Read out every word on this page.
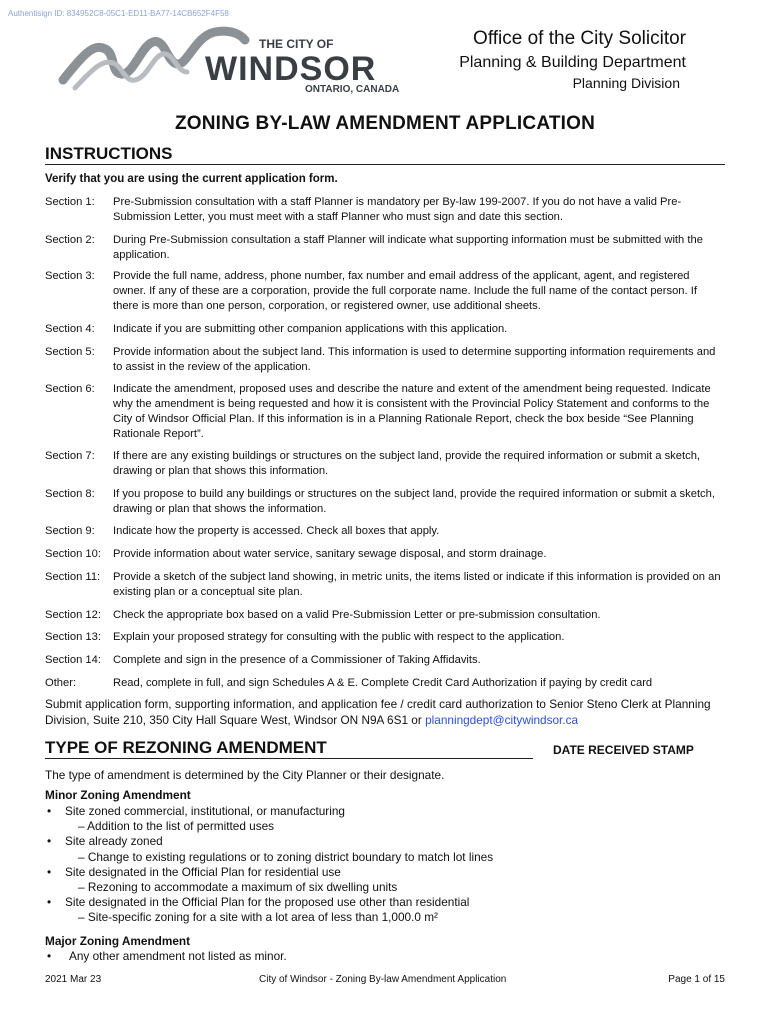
Authentisign ID: 834952C8-05C1-ED11-BA77-14CB652F4F58
THE CITY OF
WINDSOR
ONTARIO, CANADA
Office of the City Solicitor
Planning & Building Department
Planning Division
ZONING BY-LAW AMENDMENT APPLICATION
INSTRUCTIONS
Verify that you are using the current application form.
Section 1:	Pre-Submission consultation with a staff Planner is mandatory per By-law 199-2007. If you do not have a valid Pre-Submission Letter, you must meet with a staff Planner who must sign and date this section.
Section 2:	During Pre-Submission consultation a staff Planner will indicate what supporting information must be submitted with the application.
Section 3:	Provide the full name, address, phone number, fax number and email address of the applicant, agent, and registered owner. If any of these are a corporation, provide the full corporate name. Include the full name of the contact person. If there is more than one person, corporation, or registered owner, use additional sheets.
Section 4:	Indicate if you are submitting other companion applications with this application.
Section 5:	Provide information about the subject land. This information is used to determine supporting information requirements and to assist in the review of the application.
Section 6:	Indicate the amendment, proposed uses and describe the nature and extent of the amendment being requested. Indicate why the amendment is being requested and how it is consistent with the Provincial Policy Statement and conforms to the City of Windsor Official Plan. If this information is in a Planning Rationale Report, check the box beside “See Planning Rationale Report”.
Section 7:	If there are any existing buildings or structures on the subject land, provide the required information or submit a sketch, drawing or plan that shows this information.
Section 8:	If you propose to build any buildings or structures on the subject land, provide the required information or submit a sketch, drawing or plan that shows the information.
Section 9:	Indicate how the property is accessed. Check all boxes that apply.
Section 10:	Provide information about water service, sanitary sewage disposal, and storm drainage.
Section 11:	Provide a sketch of the subject land showing, in metric units, the items listed or indicate if this information is provided on an existing plan or a conceptual site plan.
Section 12:	Check the appropriate box based on a valid Pre-Submission Letter or pre-submission consultation.
Section 13:	Explain your proposed strategy for consulting with the public with respect to the application.
Section 14:	Complete and sign in the presence of a Commissioner of Taking Affidavits.
Other:	Read, complete in full, and sign Schedules A & E. Complete Credit Card Authorization if paying by credit card
Submit application form, supporting information, and application fee / credit card authorization to Senior Steno Clerk at Planning Division, Suite 210, 350 City Hall Square West, Windsor ON N9A 6S1 or planningdept@citywindsor.ca
TYPE OF REZONING AMENDMENT	DATE RECEIVED STAMP
The type of amendment is determined by the City Planner or their designate.
Minor Zoning Amendment
•	Site zoned commercial, institutional, or manufacturing
– Addition to the list of permitted uses
•	Site already zoned
– Change to existing regulations or to zoning district boundary to match lot lines
•	Site designated in the Official Plan for residential use
– Rezoning to accommodate a maximum of six dwelling units
•	Site designated in the Official Plan for the proposed use other than residential
– Site-specific zoning for a site with a lot area of less than 1,000.0 m²
Major Zoning Amendment
•	Any other amendment not listed as minor.
2021 Mar 23	City of Windsor - Zoning By-law Amendment Application	Page 1 of 15
